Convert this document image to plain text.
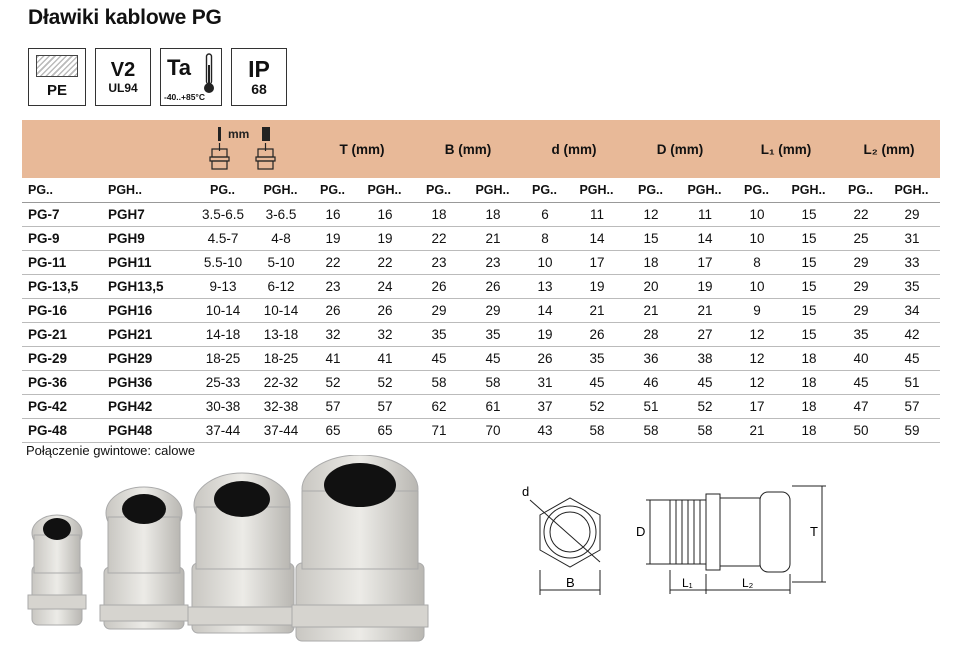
Dławiki kablowe PG
PE
V2
UL94
Ta
-40..+85°C
IP
68

mm		T (mm)		B (mm)		d (mm)		D (mm)		L₁ (mm)		L₂ (mm)	
PG..	PGH..	PG..	PGH..	PG..	PGH..	PG..	PGH..	PG..	PGH..	PG..	PGH..	PG..	PGH..	PG..	PGH..
PG-7	PGH7	3.5-6.5	3-6.5	16	16	18	18	6	11	12	11	10	15	22	29
PG-9	PGH9	4.5-7	4-8	19	19	22	21	8	14	15	14	10	15	25	31
PG-11	PGH11	5.5-10	5-10	22	22	23	23	10	17	18	17	8	15	29	33
PG-13,5	PGH13,5	9-13	6-12	23	24	26	26	13	19	20	19	10	15	29	35
PG-16	PGH16	10-14	10-14	26	26	29	29	14	21	21	21	9	15	29	34
PG-21	PGH21	14-18	13-18	32	32	35	35	19	26	28	27	12	15	35	42
PG-29	PGH29	18-25	18-25	41	41	45	45	26	35	36	38	12	18	40	45
PG-36	PGH36	25-33	22-32	52	52	58	58	31	45	46	45	12	18	45	51
PG-42	PGH42	30-38	32-38	57	57	62	61	37	52	51	52	17	18	47	57
PG-48	PGH48	37-44	37-44	65	65	71	70	43	58	58	58	21	18	50	59
Połączenie gwintowe: calowe
d
B
D	T
L₁	L₂
